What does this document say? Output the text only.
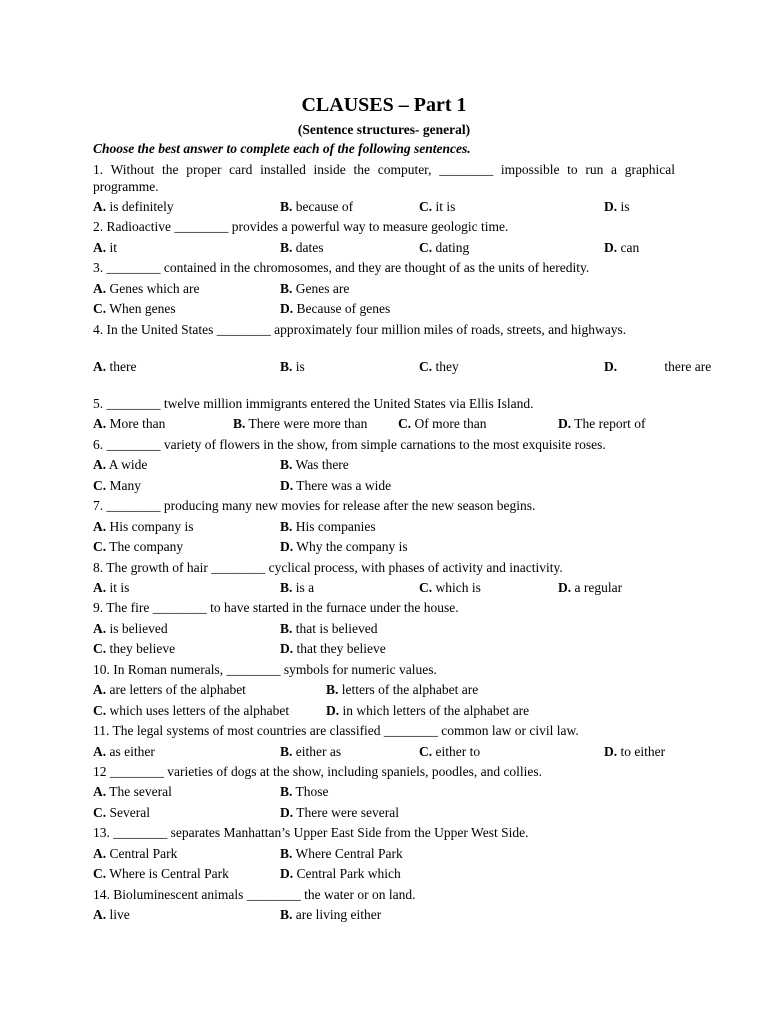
CLAUSES – Part 1
(Sentence structures- general)
Choose the best answer to complete each of the following sentences.
1. Without the proper card installed inside the computer, ________ impossible to run a graphical programme.
A. is definitely	B. because of	C. it is	D. is
2. Radioactive ________ provides a powerful way to measure geologic time.
A. it	B. dates	C. dating	D. can
3. ________ contained in the chromosomes, and they are thought of as the units of heredity.
A. Genes which are	B. Genes are
C. When genes	D. Because of genes
4. In the United States ________ approximately four million miles of roads, streets, and highways.
A. there	B. is	C. they	D.	there are
5. ________ twelve million immigrants entered the United States via Ellis Island.
A. More than	B. There were more than C. Of more than	D. The report of
6. ________ variety of flowers in the show, from simple carnations to the most exquisite roses.
A. A wide	B. Was there
C. Many	D. There was a wide
7. ________ producing many new movies for release after the new season begins.
A. His company is	B. His companies
C. The company	D. Why the company is
8. The growth of hair ________ cyclical process, with phases of activity and inactivity.
A. it is	B. is a	C. which is	D. a regular
9. The fire ________ to have started in the furnace under the house.
A. is believed	B. that is believed
C. they believe	D. that they believe
10. In Roman numerals, ________ symbols for numeric values.
A. are letters of the alphabet	B. letters of the alphabet are
C. which uses letters of the alphabet	D. in which letters of the alphabet are
11. The legal systems of most countries are classified ________ common law or civil law.
A. as either	B. either as	C. either to	D. to either
12 ________ varieties of dogs at the show, including spaniels, poodles, and collies.
A. The several	B. Those
C. Several	D. There were several
13. ________ separates Manhattan’s Upper East Side from the Upper West Side.
A. Central Park	B. Where Central Park
C. Where is Central Park	D. Central Park which
14. Bioluminescent animals ________ the water or on land.
A. live	B. are living either
